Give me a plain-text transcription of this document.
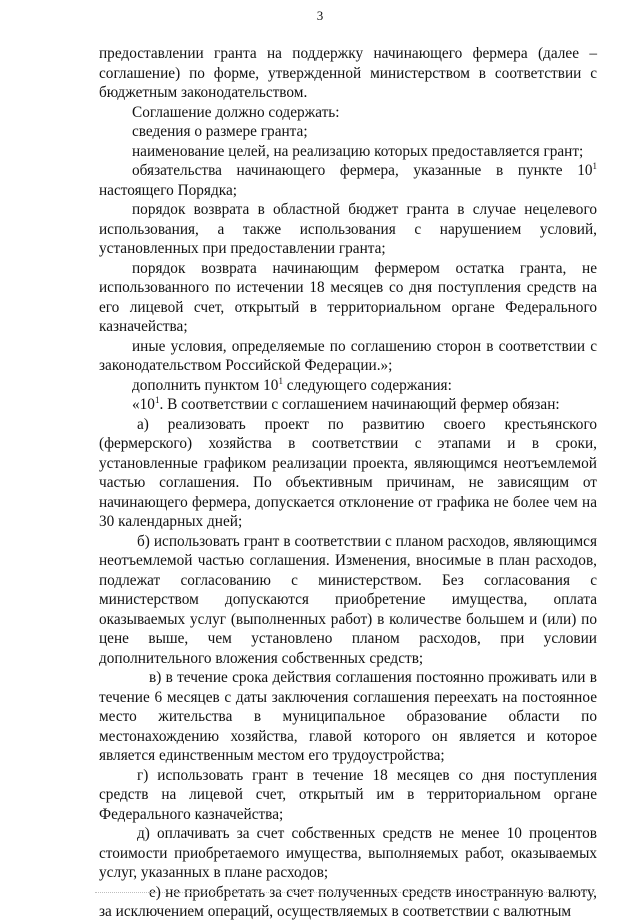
3

предоставлении гранта на поддержку начинающего фермера (далее – соглашение) по форме, утвержденной министерством в соответствии с бюджетным законодательством.

Соглашение должно содержать:

сведения о размере гранта;

наименование целей, на реализацию которых предоставляется грант;

обязательства начинающего фермера, указанные в пункте $10^1$ настоящего Порядка;

порядок возврата в областной бюджет гранта в случае нецелевого использования, а также использования с нарушением условий, установленных при предоставлении гранта;

порядок возврата начинающим фермером остатка гранта, не использованного по истечении 18 месяцев со дня поступления средств на его лицевой счет, открытый в территориальном органе Федерального казначейства;

иные условия, определяемые по соглашению сторон в соответствии с законодательством Российской Федерации.»;

дополнить пунктом $10^1$ следующего содержания:

«$10^1$. В соответствии с соглашением начинающий фермер обязан:

а) реализовать проект по развитию своего крестьянского (фермерского) хозяйства в соответствии с этапами и в сроки, установленные графиком реализации проекта, являющимся неотъемлемой частью соглашения. По объективным причинам, не зависящим от начинающего фермера, допускается отклонение от графика не более чем на 30 календарных дней;

б) использовать грант в соответствии с планом расходов, являющимся неотъемлемой частью соглашения. Изменения, вносимые в план расходов, подлежат согласованию с министерством. Без согласования с министерством допускаются приобретение имущества, оплата оказываемых услуг (выполненных работ) в количестве большем и (или) по цене выше, чем установлено планом расходов, при условии дополнительного вложения собственных средств;

в) в течение срока действия соглашения постоянно проживать или в течение 6 месяцев с даты заключения соглашения переехать на постоянное место жительства в муниципальное образование области по местонахождению хозяйства, главой которого он является и которое является единственным местом его трудоустройства;

г) использовать грант в течение 18 месяцев со дня поступления средств на лицевой счет, открытый им в территориальном органе Федерального казначейства;

д) оплачивать за счет собственных средств не менее 10 процентов стоимости приобретаемого имущества, выполняемых работ, оказываемых услуг, указанных в плане расходов;

е) не приобретать за счет полученных средств иностранную валюту, за исключением операций, осуществляемых в соответствии с валютным
